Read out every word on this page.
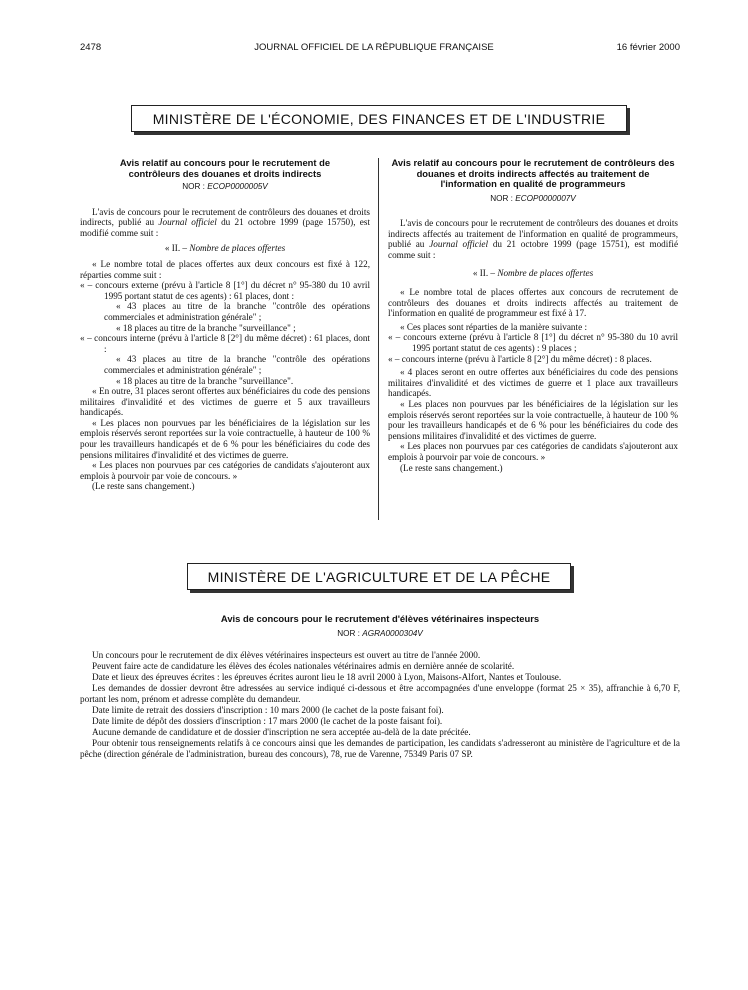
2478	JOURNAL OFFICIEL DE LA RÉPUBLIQUE FRANÇAISE	16 février 2000
MINISTÈRE DE L'ÉCONOMIE, DES FINANCES ET DE L'INDUSTRIE
Avis relatif au concours pour le recrutement de contrôleurs des douanes et droits indirects
NOR : ECOP0000005V

L'avis de concours pour le recrutement de contrôleurs des douanes et droits indirects, publié au Journal officiel du 21 octobre 1999 (page 15750), est modifié comme suit :

« II. – Nombre de places offertes

« Le nombre total de places offertes aux deux concours est fixé à 122, réparties comme suit :

« – concours externe (prévu à l'article 8 [1°] du décret n° 95-380 du 10 avril 1995 portant statut de ces agents) : 61 places, dont :

« 43 places au titre de la branche "contrôle des opérations commerciales et administration générale" ;

« 18 places au titre de la branche "surveillance" ;

« – concours interne (prévu à l'article 8 [2°] du même décret) : 61 places, dont :

« 43 places au titre de la branche "contrôle des opérations commerciales et administration générale" ;

« 18 places au titre de la branche "surveillance".

« En outre, 31 places seront offertes aux bénéficiaires du code des pensions militaires d'invalidité et des victimes de guerre et 5 aux travailleurs handicapés.

« Les places non pourvues par les bénéficiaires de la législation sur les emplois réservés seront reportées sur la voie contractuelle, à hauteur de 100 % pour les travailleurs handicapés et de 6 % pour les bénéficiaires du code des pensions militaires d'invalidité et des victimes de guerre.

« Les places non pourvues par ces catégories de candidats s'ajouteront aux emplois à pourvoir par voie de concours. »

(Le reste sans changement.)

Avis relatif au concours pour le recrutement de contrôleurs des douanes et droits indirects affectés au traitement de l'information en qualité de programmeurs
NOR : ECOP0000007V

L'avis de concours pour le recrutement de contrôleurs des douanes et droits indirects affectés au traitement de l'information en qualité de programmeurs, publié au Journal officiel du 21 octobre 1999 (page 15751), est modifié comme suit :

« II. – Nombre de places offertes

« Le nombre total de places offertes aux concours de recrutement de contrôleurs des douanes et droits indirects affectés au traitement de l'information en qualité de programmeur est fixé à 17.

« Ces places sont réparties de la manière suivante :

« – concours externe (prévu à l'article 8 [1°] du décret n° 95-380 du 10 avril 1995 portant statut de ces agents) : 9 places ;

« – concours interne (prévu à l'article 8 [2°] du même décret) : 8 places.

« 4 places seront en outre offertes aux bénéficiaires du code des pensions militaires d'invalidité et des victimes de guerre et 1 place aux travailleurs handicapés.

« Les places non pourvues par les bénéficiaires de la législation sur les emplois réservés seront reportées sur la voie contractuelle, à hauteur de 100 % pour les travailleurs handicapés et de 6 % pour les bénéficiaires du code des pensions militaires d'invalidité et des victimes de guerre.

« Les places non pourvues par ces catégories de candidats s'ajouteront aux emplois à pourvoir par voie de concours. »

(Le reste sans changement.)

MINISTÈRE DE L'AGRICULTURE ET DE LA PÊCHE
Avis de concours pour le recrutement d'élèves vétérinaires inspecteurs
NOR : AGRA0000304V

Un concours pour le recrutement de dix élèves vétérinaires inspecteurs est ouvert au titre de l'année 2000.

Peuvent faire acte de candidature les élèves des écoles nationales vétérinaires admis en dernière année de scolarité.

Date et lieux des épreuves écrites : les épreuves écrites auront lieu le 18 avril 2000 à Lyon, Maisons-Alfort, Nantes et Toulouse.

Les demandes de dossier devront être adressées au service indiqué ci-dessous et être accompagnées d'une enveloppe (format 25 × 35), affranchie à 6,70 F, portant les nom, prénom et adresse complète du demandeur.

Date limite de retrait des dossiers d'inscription : 10 mars 2000 (le cachet de la poste faisant foi).

Date limite de dépôt des dossiers d'inscription : 17 mars 2000 (le cachet de la poste faisant foi).

Aucune demande de candidature et de dossier d'inscription ne sera acceptée au-delà de la date précitée.

Pour obtenir tous renseignements relatifs à ce concours ainsi que les demandes de participation, les candidats s'adresseront au ministère de l'agriculture et de la pêche (direction générale de l'administration, bureau des concours), 78, rue de Varenne, 75349 Paris 07 SP.
